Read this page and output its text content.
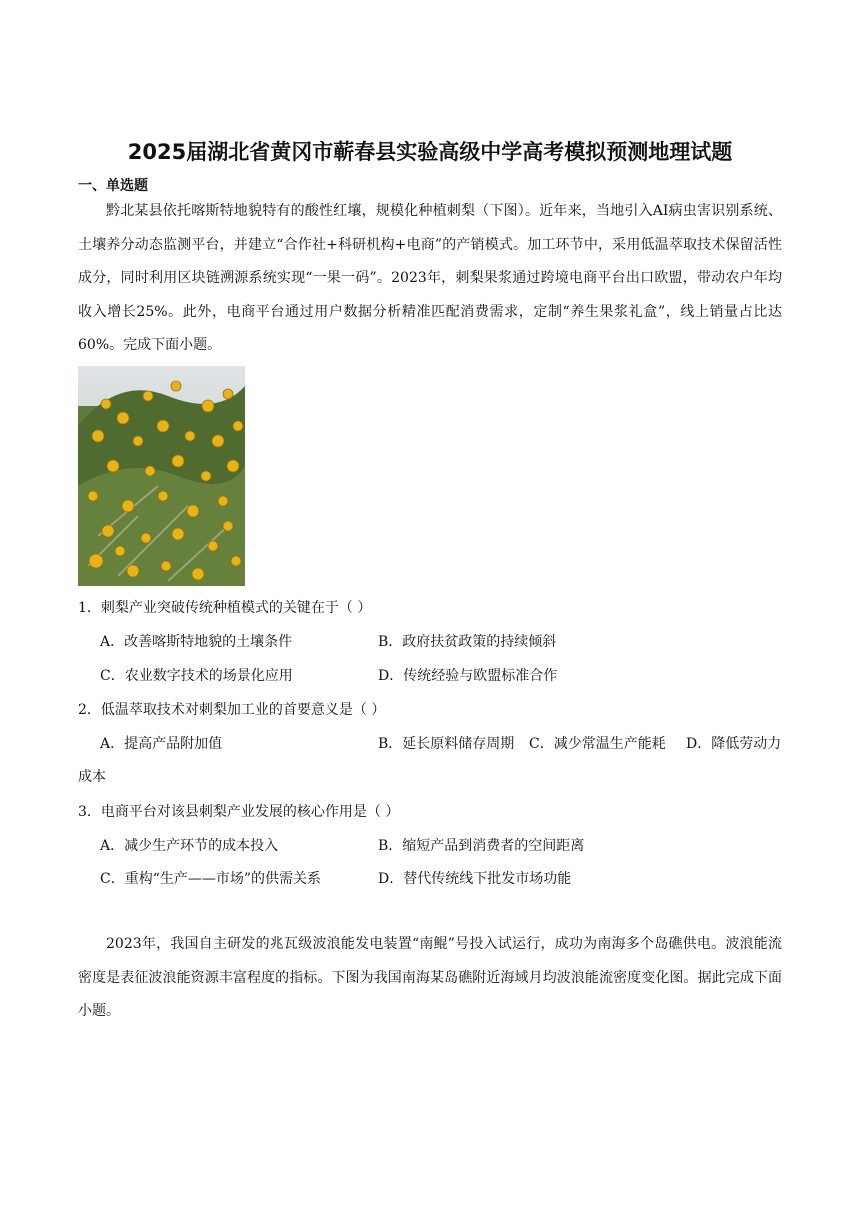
2025届湖北省黄冈市蕲春县实验高级中学高考模拟预测地理试题
一、单选题
黔北某县依托喀斯特地貌特有的酸性红壤，规模化种植刺梨（下图）。近年来，当地引入AI病虫害识别系统、土壤养分动态监测平台，并建立“合作社+科研机构+电商”的产销模式。加工环节中，采用低温萃取技术保留活性成分，同时利用区块链溯源系统实现“一果一码”。2023年，刺梨果浆通过跨境电商平台出口欧盟，带动农户年均收入增长25%。此外，电商平台通过用户数据分析精准匹配消费需求，定制“养生果浆礼盒”，线上销量占比达60%。完成下面小题。
1．刺梨产业突破传统种植模式的关键在于（ ）
A．改善喀斯特地貌的土壤条件	B．政府扶贫政策的持续倾斜
C．农业数字技术的场景化应用	D．传统经验与欧盟标准合作
2．低温萃取技术对刺梨加工业的首要意义是（ ）
A．提高产品附加值	B．延长原料储存周期 C．减少常温生产能耗 D．降低劳动力
成本
3．电商平台对该县刺梨产业发展的核心作用是（ ）
A．减少生产环节的成本投入	B．缩短产品到消费者的空间距离
C．重构“生产——市场”的供需关系	D．替代传统线下批发市场功能
2023年，我国自主研发的兆瓦级波浪能发电装置“南鲲”号投入试运行，成功为南海多个岛礁供电。波浪能流密度是表征波浪能资源丰富程度的指标。下图为我国南海某岛礁附近海域月均波浪能流密度变化图。据此完成下面小题。
